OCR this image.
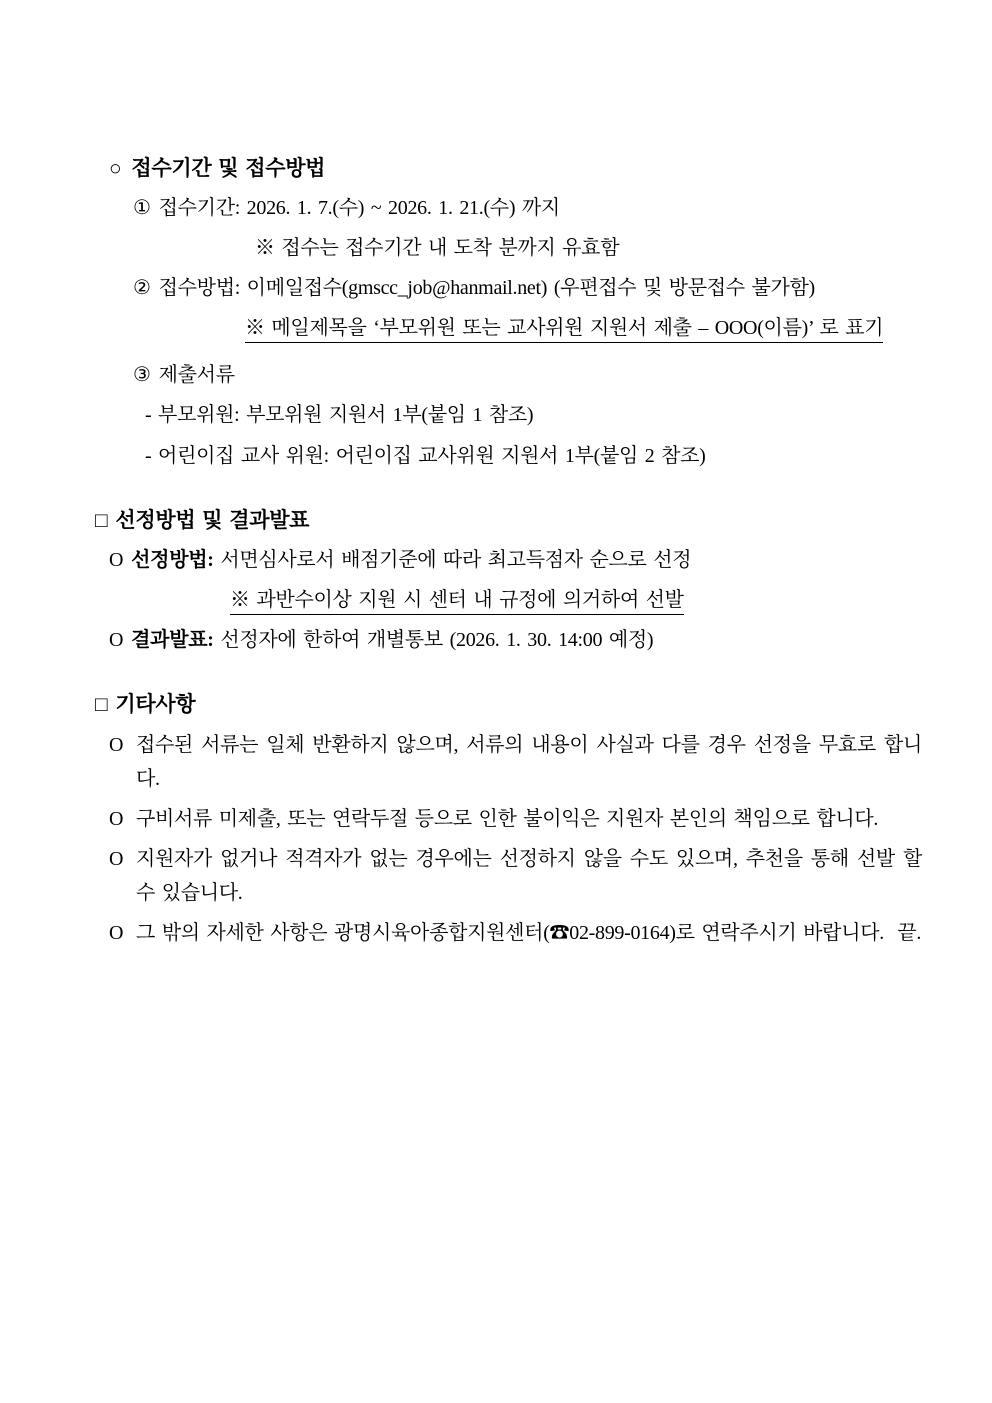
○ 접수기간 및 접수방법
① 접수기간: 2026. 1. 7.(수) ~ 2026. 1. 21.(수) 까지
※ 접수는 접수기간 내 도착 분까지 유효함
② 접수방법: 이메일접수(gmscc_job@hanmail.net) (우편접수 및 방문접수 불가함)
※ 메일제목을 ‘부모위원 또는 교사위원 지원서 제출 – OOO(이름)’ 로 표기
③ 제출서류
- 부모위원: 부모위원 지원서 1부(붙임 1 참조)
- 어린이집 교사 위원: 어린이집 교사위원 지원서 1부(붙임 2 참조)
□ 선정방법 및 결과발표
O 선정방법: 서면심사로서 배점기준에 따라 최고득점자 순으로 선정
※ 과반수이상 지원 시 센터 내 규정에 의거하여 선발
O 결과발표: 선정자에 한하여 개별통보 (2026. 1. 30. 14:00 예정)
□ 기타사항
O 접수된 서류는 일체 반환하지 않으며, 서류의 내용이 사실과 다를 경우 선정을 무효로 합니다.
O 구비서류 미제출, 또는 연락두절 등으로 인한 불이익은 지원자 본인의 책임으로 합니다.
O 지원자가 없거나 적격자가 없는 경우에는 선정하지 않을 수도 있으며, 추천을 통해 선발 할 수 있습니다.
O 그 밖의 자세한 사항은 광명시육아종합지원센터(☎02-899-0164)로 연락주시기 바랍니다.  끝.
